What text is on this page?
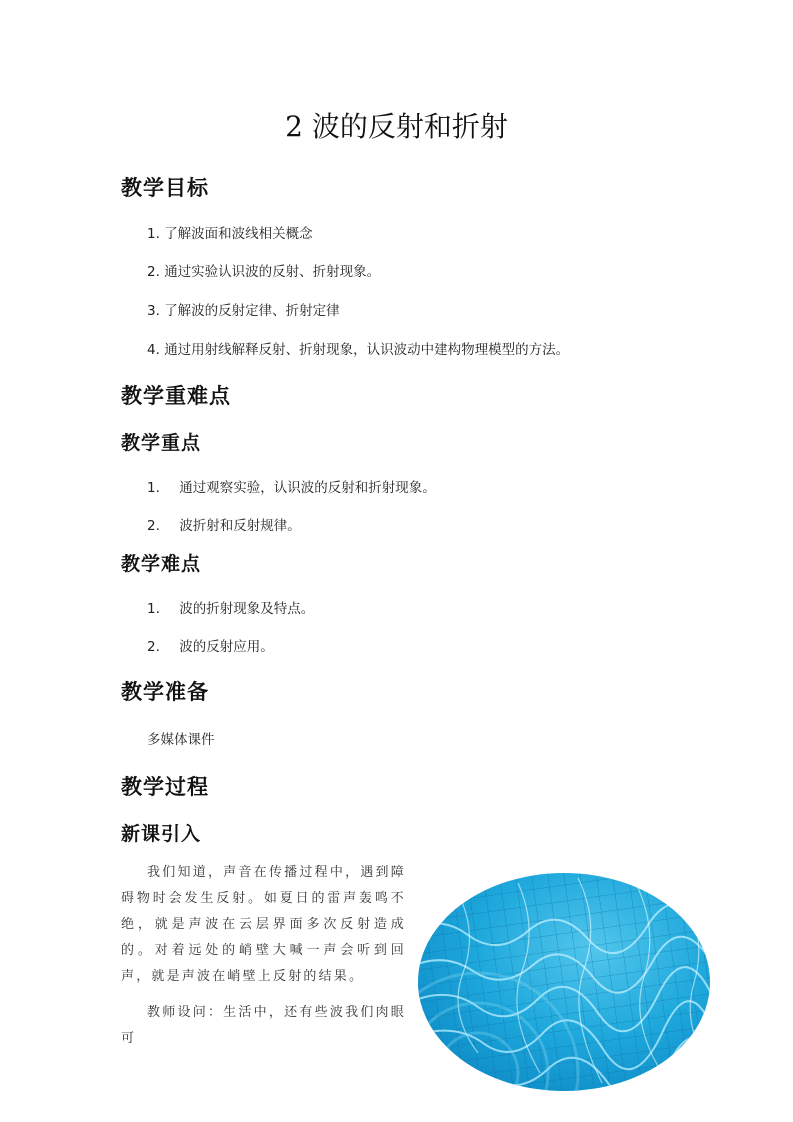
2 波的反射和折射
教学目标
1. 了解波面和波线相关概念
2. 通过实验认识波的反射、折射现象。
3. 了解波的反射定律、折射定律
4. 通过用射线解释反射、折射现象，认识波动中建构物理模型的方法。
教学重难点
教学重点
1. 通过观察实验，认识波的反射和折射现象。
2. 波折射和反射规律。
教学难点
1. 波的折射现象及特点。
2. 波的反射应用。
教学准备
多媒体课件
教学过程
新课引入

我们知道，声音在传播过程中，遇到障碍物时会发生反射。如夏日的雷声轰鸣不绝，就是声波在云层界面多次反射造成的。对着远处的峭壁大喊一声会听到回声，就是声波在峭壁上反射的结果。

教师设问：生活中，还有些波我们肉眼可
